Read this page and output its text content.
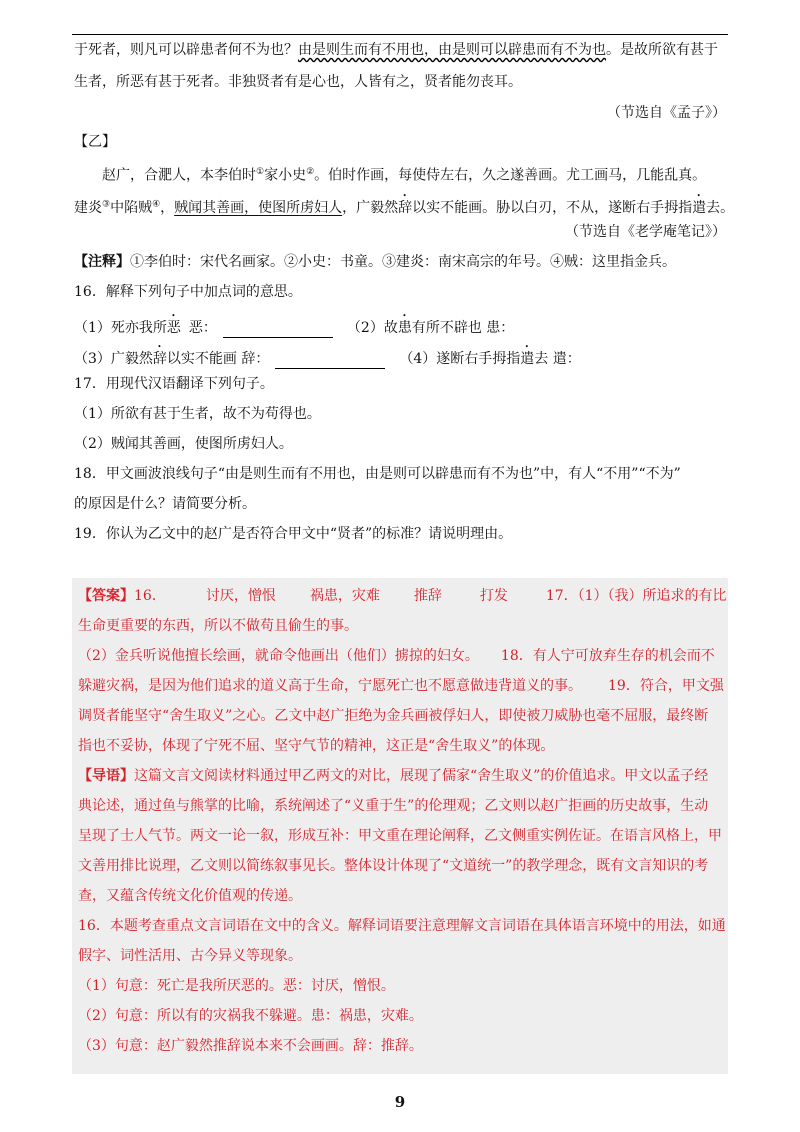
于死者，则凡可以辟患者何不为也？由是则生而有不用也，由是则可以辟患而有不为也。是故所欲有甚于
生者，所恶有甚于死者。非独贤者有是心也，人皆有之，贤者能勿丧耳。
（节选自《孟子》）
【乙】
赵广，合淝人，本李伯时①家小史②。伯时作画，每使侍左右，久之遂善画。尤工画马，几能乱真。
建炎③中陷贼④，贼闻其善画，使图所虏妇人，广毅然辞以实不能画。胁以白刃，不从，遂断右手拇指遣去。
（节选自《老学庵笔记》）
【注释】①李伯时：宋代名画家。②小史：书童。③建炎：南宋高宗的年号。④贼：这里指金兵。
16．解释下列句子中加点词的意思。
（1）死亦我所恶 恶：	（2）故患有所不辟也 患：
（3）广毅然辞以实不能画 辞：	（4）遂断右手拇指遣去 遣：
17．用现代汉语翻译下列句子。
（1）所欲有甚于生者，故不为苟得也。
（2）贼闻其善画，使图所虏妇人。
18．甲文画波浪线句子“由是则生而有不用也，由是则可以辟患而有不为也”中，有人“不用”“不为”
的原因是什么？请简要分析。
19．你认为乙文中的赵广是否符合甲文中“贤者”的标准？请说明理由。
【答案】16．	讨厌，憎恨 祸患，灾难 推辞	打发	17．（1）（我）所追求的有比
生命更重要的东西，所以不做苟且偷生的事。
（2）金兵听说他擅长绘画，就命令他画出（他们）掳掠的妇女。 18．有人宁可放弃生存的机会而不
躲避灾祸，是因为他们追求的道义高于生命，宁愿死亡也不愿意做违背道义的事。 19．符合，甲文强
调贤者能坚守“舍生取义”之心。乙文中赵广拒绝为金兵画被俘妇人，即使被刀威胁也毫不屈服，最终断
指也不妥协，体现了宁死不屈、坚守气节的精神，这正是“舍生取义”的体现。
【导语】这篇文言文阅读材料通过甲乙两文的对比，展现了儒家“舍生取义”的价值追求。甲文以孟子经
典论述，通过鱼与熊掌的比喻，系统阐述了“义重于生”的伦理观；乙文则以赵广拒画的历史故事，生动
呈现了士人气节。两文一论一叙，形成互补：甲文重在理论阐释，乙文侧重实例佐证。在语言风格上，甲
文善用排比说理，乙文则以简练叙事见长。整体设计体现了“文道统一”的教学理念，既有文言知识的考
查，又蕴含传统文化价值观的传递。
16．本题考查重点文言词语在文中的含义。解释词语要注意理解文言词语在具体语言环境中的用法，如通
假字、词性活用、古今异义等现象。
（1）句意：死亡是我所厌恶的。恶：讨厌，憎恨。
（2）句意：所以有的灾祸我不躲避。患：祸患，灾难。
（3）句意：赵广毅然推辞说本来不会画画。辞：推辞。
9
